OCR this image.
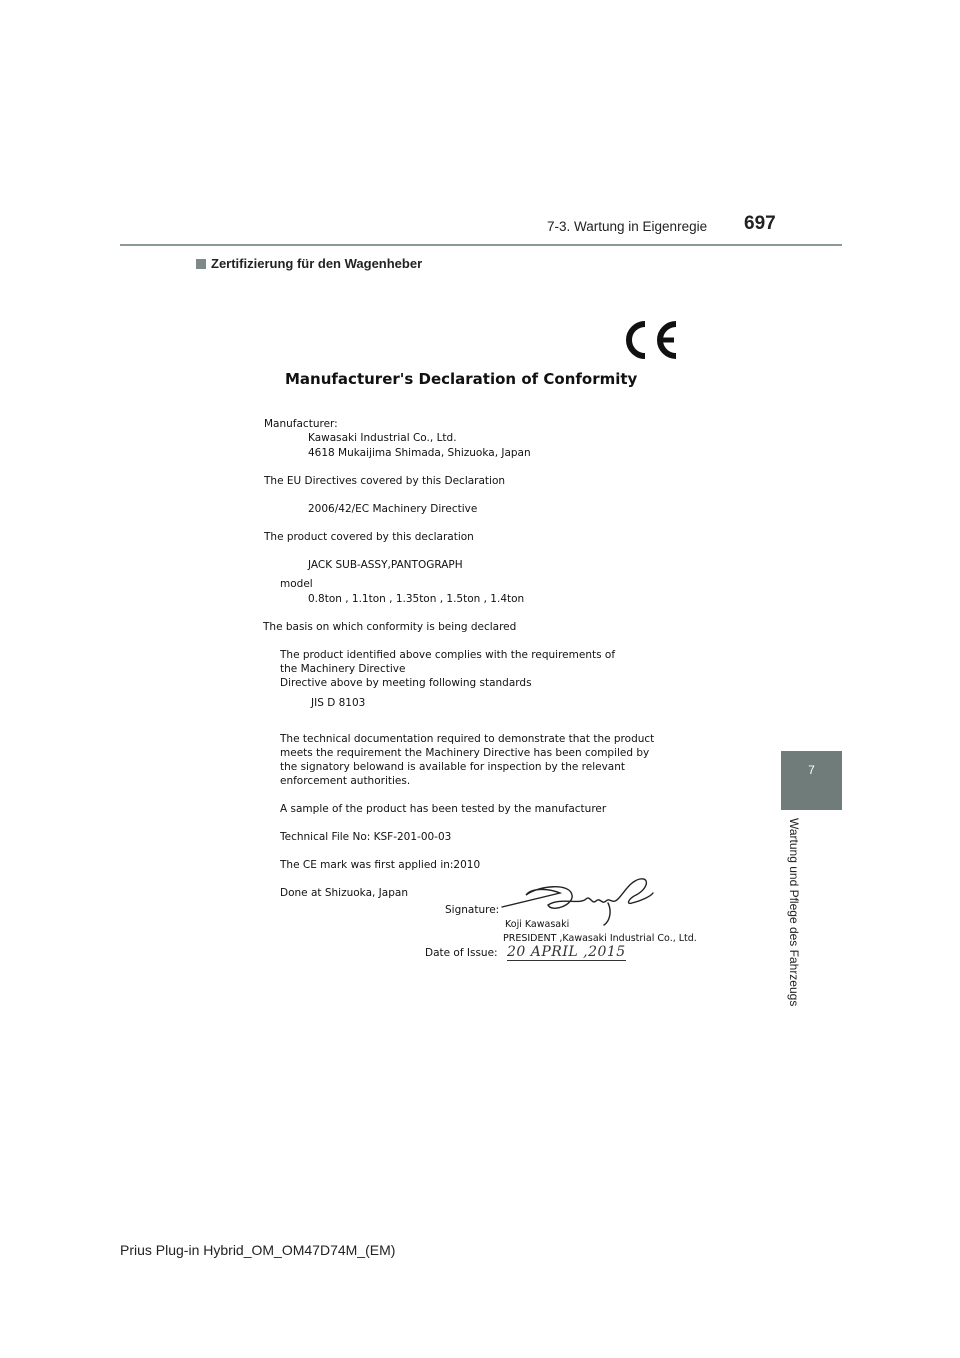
7-3. Wartung in Eigenregie 697
Zertifizierung für den Wagenheber
7
Wartung und Pflege des Fahrzeugs
Manufacturer's Declaration of Conformity
Manufacturer:
Kawasaki Industrial Co., Ltd.
4618 Mukaijima Shimada, Shizuoka, Japan
The EU Directives covered by this Declaration
2006/42/EC Machinery Directive
The product covered by this declaration
JACK SUB-ASSY,PANTOGRAPH
model
0.8ton , 1.1ton , 1.35ton , 1.5ton , 1.4ton
The basis on which conformity is being declared
The product identified above complies with the requirements of
the Machinery Directive
Directive above by meeting following standards
JIS D 8103
The technical documentation required to demonstrate that the product
meets the requirement the Machinery Directive has been compiled by
the signatory belowand is available for inspection by the relevant
enforcement authorities.
A sample of the product has been tested by the manufacturer
Technical File No: KSF-201-00-03
The CE mark was first applied in:2010
Done at Shizuoka, Japan
Signature:
Koji Kawasaki
PRESIDENT ,Kawasaki Industrial Co., Ltd.
Date of Issue: 20 APRIL ,2015
Prius Plug-in Hybrid_OM_OM47D74M_(EM)
